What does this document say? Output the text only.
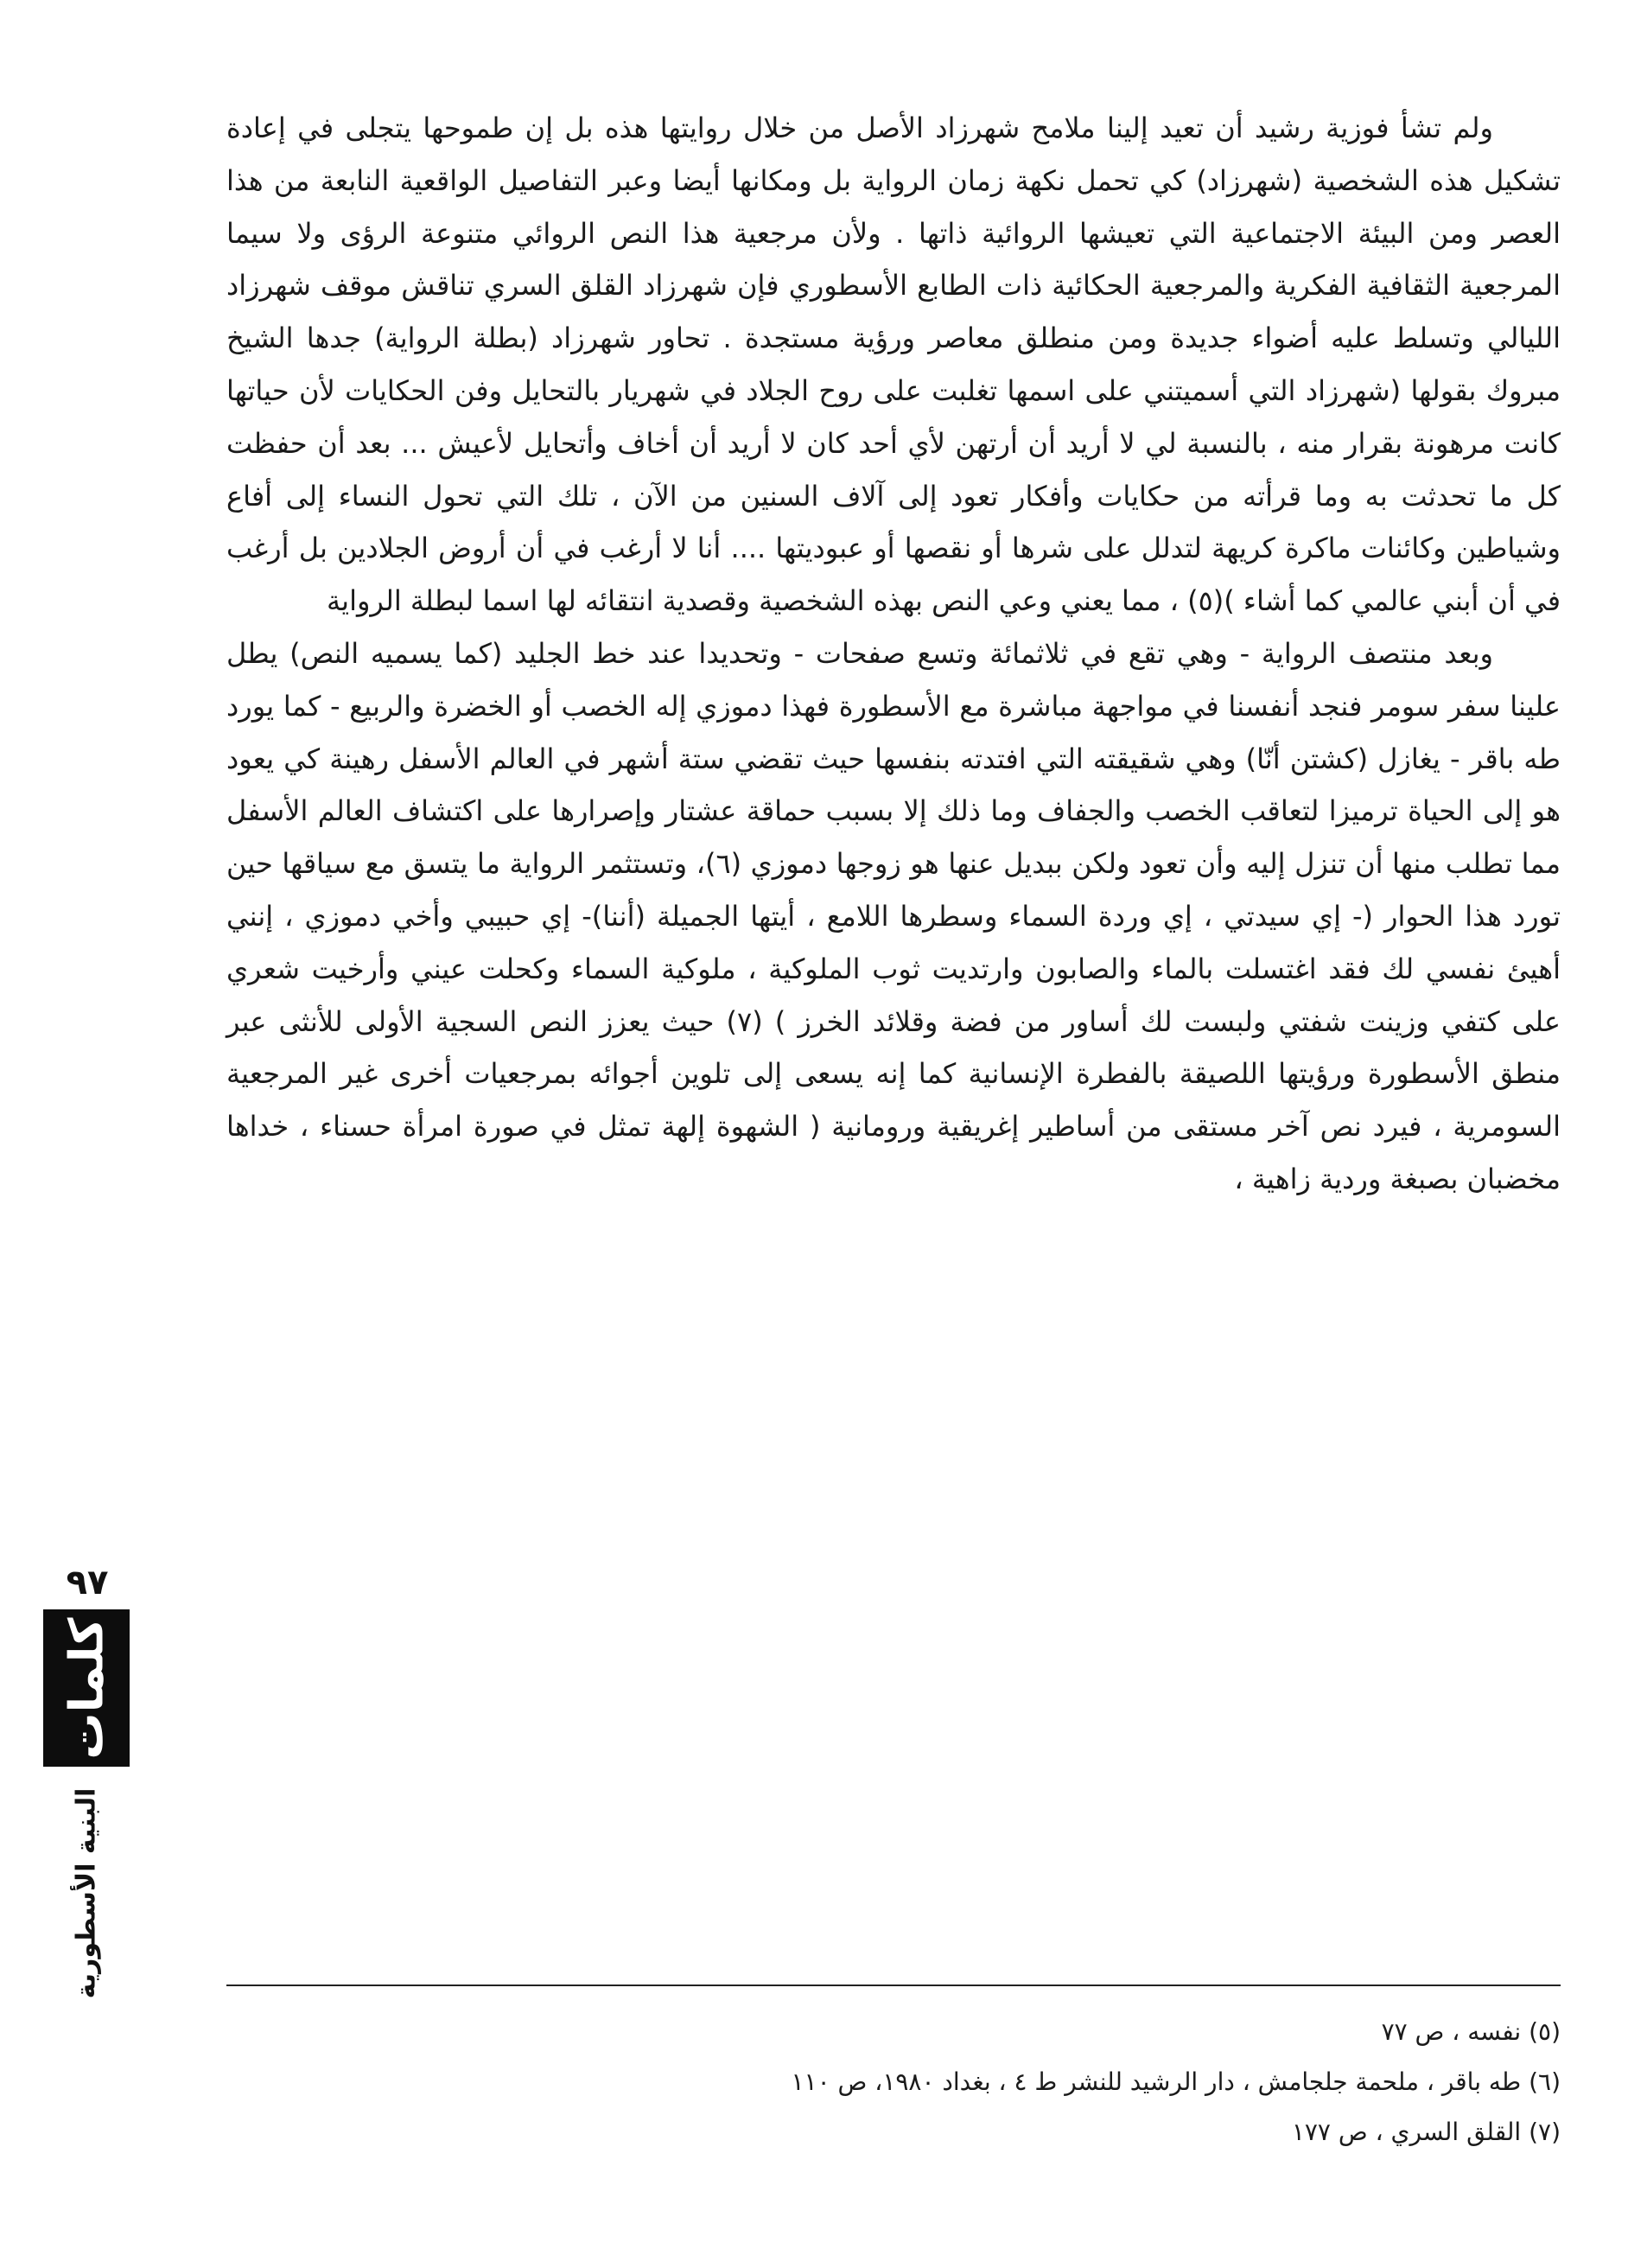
ولم تشأ فوزية رشيد أن تعيد إلينا ملامح شهرزاد الأصل من خلال روايتها هذه بل إن طموحها يتجلى في إعادة تشكيل هذه الشخصية (شهرزاد) كي تحمل نكهة زمان الرواية بل ومكانها أيضا وعبر التفاصيل الواقعية النابعة من هذا العصر ومن البيئة الاجتماعية التي تعيشها الروائية ذاتها . ولأن مرجعية هذا النص الروائي متنوعة الرؤى ولا سيما المرجعية الثقافية الفكرية والمرجعية الحكائية ذات الطابع الأسطوري فإن شهرزاد القلق السري تناقش موقف شهرزاد الليالي وتسلط عليه أضواء جديدة ومن منطلق معاصر ورؤية مستجدة . تحاور شهرزاد (بطلة الرواية) جدها الشيخ مبروك بقولها (شهرزاد التي أسميتني على اسمها تغلبت على روح الجلاد في شهريار بالتحايل وفن الحكايات لأن حياتها كانت مرهونة بقرار منه ، بالنسبة لي لا أريد أن أرتهن لأي أحد كان لا أريد أن أخاف وأتحايل لأعيش ... بعد أن حفظت كل ما تحدثت به وما قرأته من حكايات وأفكار تعود إلى آلاف السنين من الآن ، تلك التي تحول النساء إلى أفاع وشياطين وكائنات ماكرة كريهة لتدلل على شرها أو نقصها أو عبوديتها .... أنا لا أرغب في أن أروض الجلادين بل أرغب في أن أبني عالمي كما أشاء )(٥) ، مما يعني وعي النص بهذه الشخصية وقصدية انتقائه لها اسما لبطلة الرواية

وبعد منتصف الرواية - وهي تقع في ثلاثمائة وتسع صفحات - وتحديدا عند خط الجليد (كما يسميه النص) يطل علينا سفر سومر فنجد أنفسنا في مواجهة مباشرة مع الأسطورة فهذا دموزي إله الخصب أو الخضرة والربيع - كما يورد طه باقر - يغازل (كشتن أنّا) وهي شقيقته التي افتدته بنفسها حيث تقضي ستة أشهر في العالم الأسفل رهينة كي يعود هو إلى الحياة ترميزا لتعاقب الخصب والجفاف وما ذلك إلا بسبب حماقة عشتار وإصرارها على اكتشاف العالم الأسفل مما تطلب منها أن تنزل إليه وأن تعود ولكن ببديل عنها هو زوجها دموزي (٦)، وتستثمر الرواية ما يتسق مع سياقها حين تورد هذا الحوار (- إي سيدتي ، إي وردة السماء وسطرها اللامع ، أيتها الجميلة (أننا)- إي حبيبي وأخي دموزي ، إنني أهيئ نفسي لك فقد اغتسلت بالماء والصابون وارتديت ثوب الملوكية ، ملوكية السماء وكحلت عيني وأرخيت شعري على كتفي وزينت شفتي ولبست لك أساور من فضة وقلائد الخرز ) (٧) حيث يعزز النص السجية الأولى للأنثى عبر منطق الأسطورة ورؤيتها اللصيقة بالفطرة الإنسانية كما إنه يسعى إلى تلوين أجوائه بمرجعيات أخرى غير المرجعية السومرية ، فيرد نص آخر مستقى من أساطير إغريقية ورومانية ( الشهوة إلهة تمثل في صورة امرأة حسناء ، خداها مخضبان بصبغة وردية زاهية ،

(٥) نفسه ، ص ٧٧
(٦) طه باقر ، ملحمة جلجامش ، دار الرشيد للنشر ط ٤ ، بغداد ١٩٨٠، ص ١١٠
(٧) القلق السري ، ص ١٧٧
٩٧
كلمات
البنية الأسطورية
